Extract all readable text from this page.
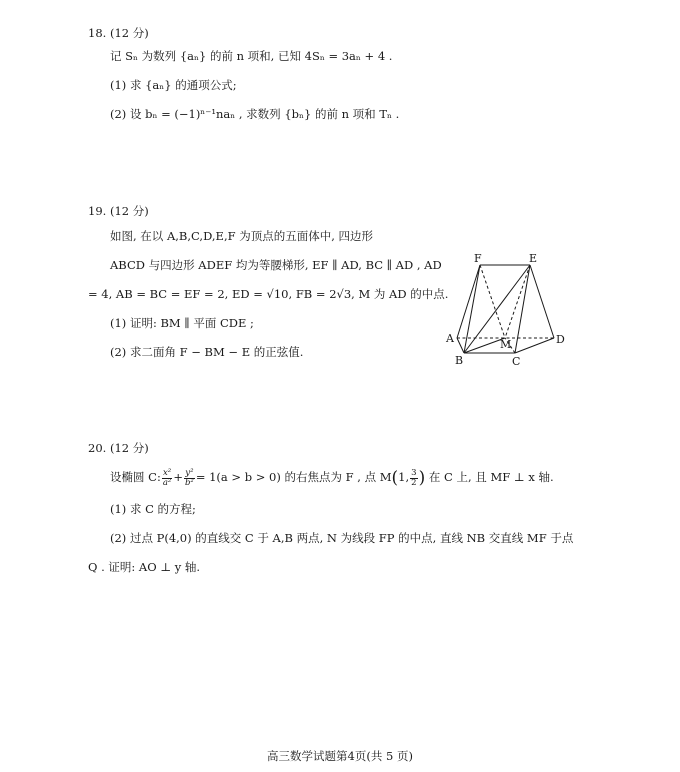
18. (12 分)
记 Sₙ 为数列 {aₙ} 的前 n 项和, 已知 4Sₙ = 3aₙ + 4 .
(1) 求 {aₙ} 的通项公式;
(2) 设 bₙ = (−1)ⁿ⁻¹naₙ , 求数列 {bₙ} 的前 n 项和 Tₙ .
19. (12 分)
如图, 在以 A,B,C,D,E,F 为顶点的五面体中, 四边形
ABCD 与四边形 ADEF 均为等腰梯形, EF ∥ AD, BC ∥ AD , AD
= 4, AB = BC = EF = 2, ED = √10, FB = 2√3, M 为 AD 的中点.
(1) 证明: BM ∥ 平面 CDE ;
(2) 求二面角 F − BM − E 的正弦值.
F	E
A
B
M
C
D
20. (12 分)
设椭圆 C: $\frac{\text{x²}}{\text{a²}} + \frac{\text{y²}}{\text{b²}} = 1(a > b > 0)$ 的右焦点为 F , 点 M(1, $\frac{3}{2}$ ) 在 C 上, 且 MF ⊥ x 轴.
(1) 求 C 的方程;
(2) 过点 P(4,0) 的直线交 C 于 A,B 两点, N 为线段 FP 的中点, 直线 NB 交直线 MF 于点
Q . 证明: AO ⊥ y 轴.
高三数学试题第4页(共 5 页)
